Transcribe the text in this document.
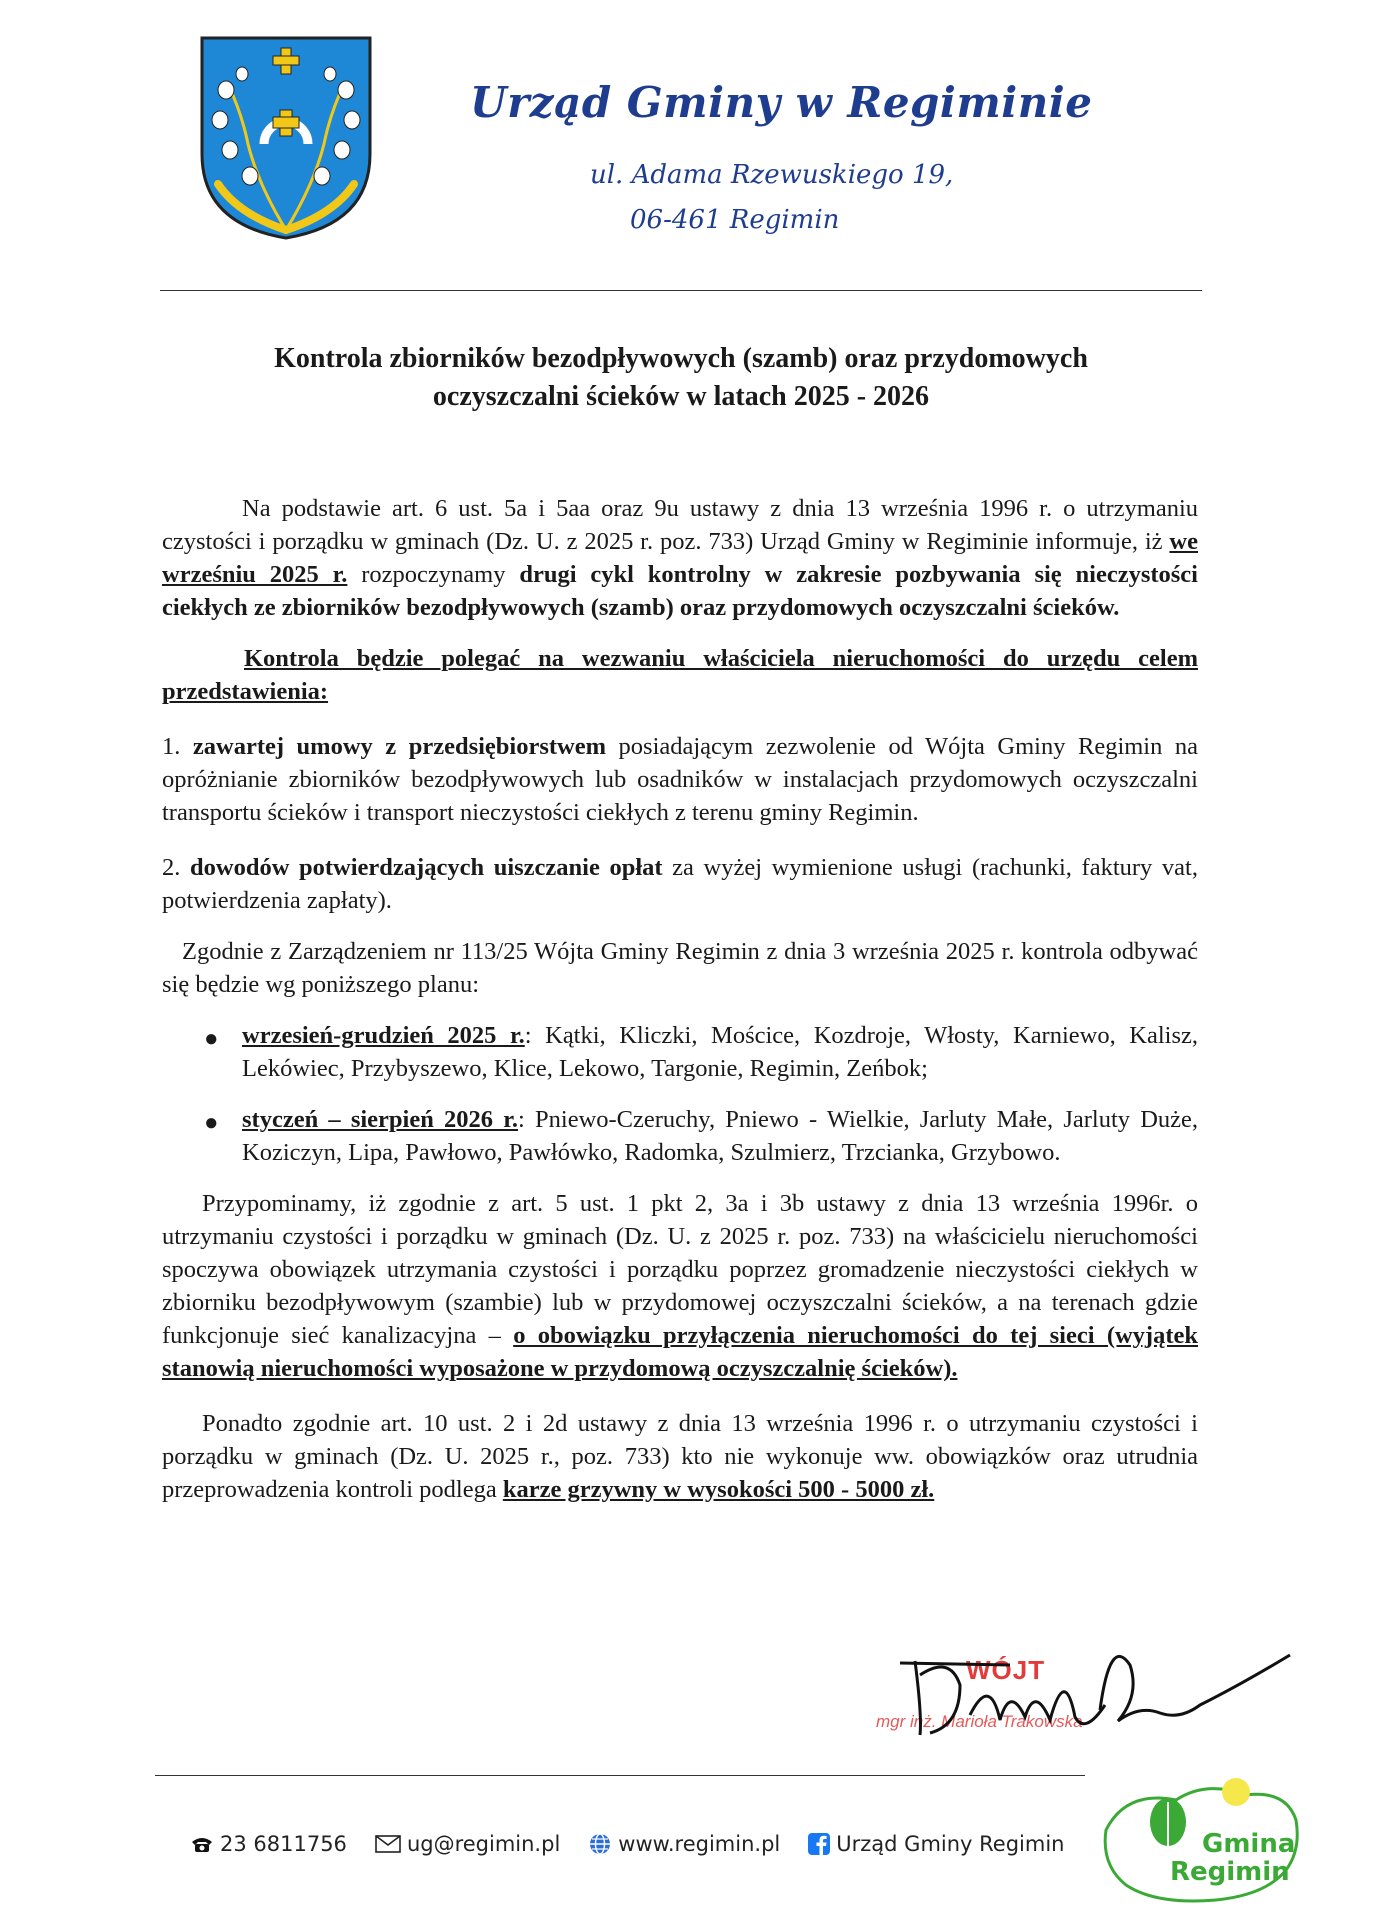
Urząd Gminy w Regiminie
ul. Adama Rzewuskiego 19,
06-461 Regimin
Kontrola zbiorników bezodpływowych (szamb) oraz przydomowych
oczyszczalni ścieków w latach 2025 - 2026

Na podstawie art. 6 ust. 5a i 5aa oraz 9u ustawy z dnia 13 września 1996 r. o utrzymaniu czystości i porządku w gminach (Dz. U. z 2025 r. poz. 733) Urząd Gminy w Regiminie informuje, iż we wrześniu 2025 r. rozpoczynamy drugi cykl kontrolny w zakresie pozbywania się nieczystości ciekłych ze zbiorników bezodpływowych (szamb) oraz przydomowych oczyszczalni ścieków.

Kontrola będzie polegać na wezwaniu właściciela nieruchomości do urzędu celem przedstawienia:

1. zawartej umowy z przedsiębiorstwem posiadającym zezwolenie od Wójta Gminy Regimin na opróżnianie zbiorników bezodpływowych lub osadników w instalacjach przydomowych oczyszczalni transportu ścieków i transport nieczystości ciekłych z terenu gminy Regimin.

2. dowodów potwierdzających uiszczanie opłat za wyżej wymienione usługi (rachunki, faktury vat, potwierdzenia zapłaty).

Zgodnie z Zarządzeniem nr 113/25 Wójta Gminy Regimin z dnia 3 września 2025 r. kontrola odbywać się będzie wg poniższego planu:

● wrzesień-grudzień 2025 r.: Kątki, Kliczki, Mościce, Kozdroje, Włosty, Karniewo, Kalisz, Lekówiec, Przybyszewo, Klice, Lekowo, Targonie, Regimin, Zeńbok;
● styczeń – sierpień 2026 r.: Pniewo-Czeruchy, Pniewo - Wielkie, Jarluty Małe, Jarluty Duże, Koziczyn, Lipa, Pawłowo, Pawłówko, Radomka, Szulmierz, Trzcianka, Grzybowo.

Przypominamy, iż zgodnie z art. 5 ust. 1 pkt 2, 3a i 3b ustawy z dnia 13 września 1996r. o utrzymaniu czystości i porządku w gminach (Dz. U. z 2025 r. poz. 733) na właścicielu nieruchomości spoczywa obowiązek utrzymania czystości i porządku poprzez gromadzenie nieczystości ciekłych w zbiorniku bezodpływowym (szambie) lub w przydomowej oczyszczalni ścieków, a na terenach gdzie funkcjonuje sieć kanalizacyjna – o obowiązku przyłączenia nieruchomości do tej sieci (wyjątek stanowią nieruchomości wyposażone w przydomową oczyszczalnię ścieków).

Ponadto zgodnie art. 10 ust. 2 i 2d ustawy z dnia 13 września 1996 r. o utrzymaniu czystości i porządku w gminach (Dz. U. 2025 r., poz. 733) kto nie wykonuje ww. obowiązków oraz utrudnia przeprowadzenia kontroli podlega karze grzywny w wysokości 500 - 5000 zł.

WÓJT
mgr inż. Marioła Trakowska
23 6811756	ug@regimin.pl	www.regimin.pl	Urząd Gminy Regimin	Gmina
Regimin
